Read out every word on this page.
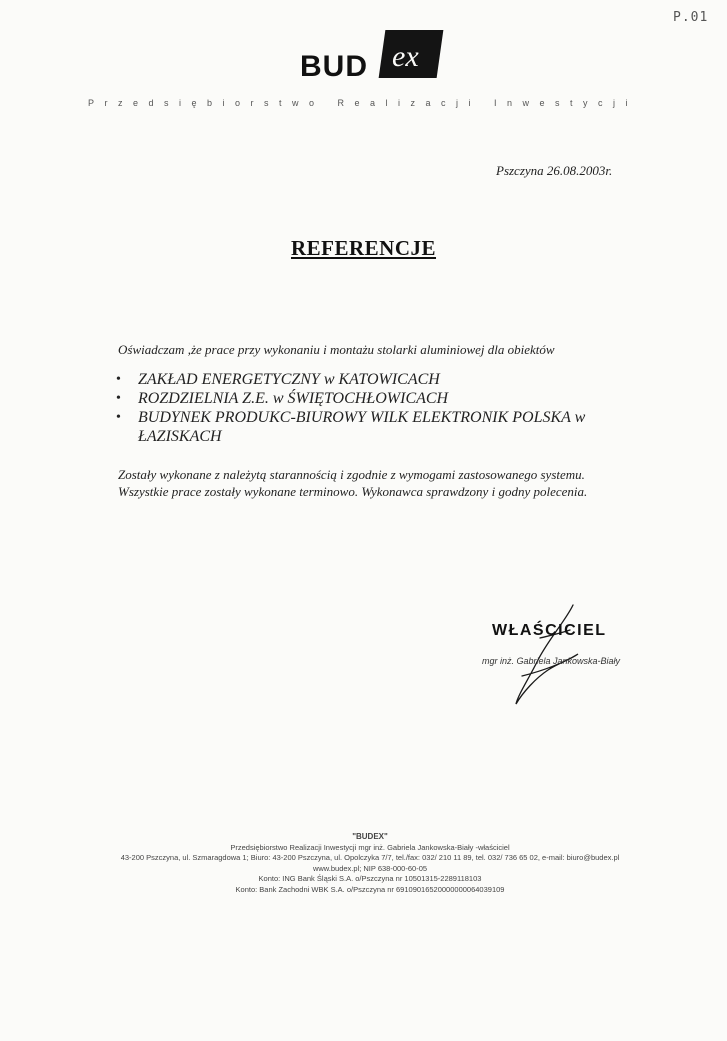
P.01
BUD ex
Przedsiębiorstwo Realizacji Inwestycji
Pszczyna 26.08.2003r.
REFERENCJE
Oświadczam ,że prace przy wykonaniu i montażu stolarki aluminiowej dla obiektów
• ZAKŁAD ENERGETYCZNY w KATOWICACH
• ROZDZIELNIA Z.E. w ŚWIĘTOCHŁOWICACH
• BUDYNEK PRODUKC-BIUROWY WILK ELEKTRONIK POLSKA w ŁAZISKACH
Zostały wykonane z należytą starannością i zgodnie z wymogami zastosowanego systemu.
Wszystkie prace zostały wykonane terminowo. Wykonawca sprawdzony i godny polecenia.
WŁAŚCICIEL
mgr inż. Gabriela Jankowska-Biały
"BUDEX"
Przedsiębiorstwo Realizacji Inwestycji mgr inż. Gabriela Jankowska-Biały -właściciel
43-200 Pszczyna, ul. Szmaragdowa 1; Biuro: 43-200 Pszczyna, ul. Opolczyka 7/7, tel./fax: 032/ 210 11 89, tel. 032/ 736 65 02, e-mail: biuro@budex.pl
www.budex.pl; NIP 638-000-60-05
Konto: ING Bank Śląski S.A. o/Pszczyna nr 10501315-2289118103
Konto: Bank Zachodni WBK S.A. o/Pszczyna nr 69109016520000000064039109
